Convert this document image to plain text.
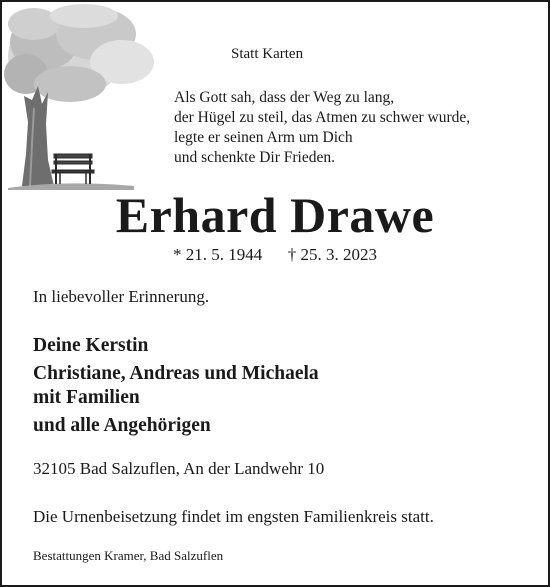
Statt Karten
Als Gott sah, dass der Weg zu lang,
der Hügel zu steil, das Atmen zu schwer wurde,
legte er seinen Arm um Dich
und schenkte Dir Frieden.
Erhard Drawe
* 21. 5. 1944 † 25. 3. 2023
In liebevoller Erinnerung.
Deine Kerstin
Christiane, Andreas und Michaela
mit Familien
und alle Angehörigen
32105 Bad Salzuflen, An der Landwehr 10
Die Urnenbeisetzung findet im engsten Familienkreis statt.
Bestattungen Kramer, Bad Salzuflen
